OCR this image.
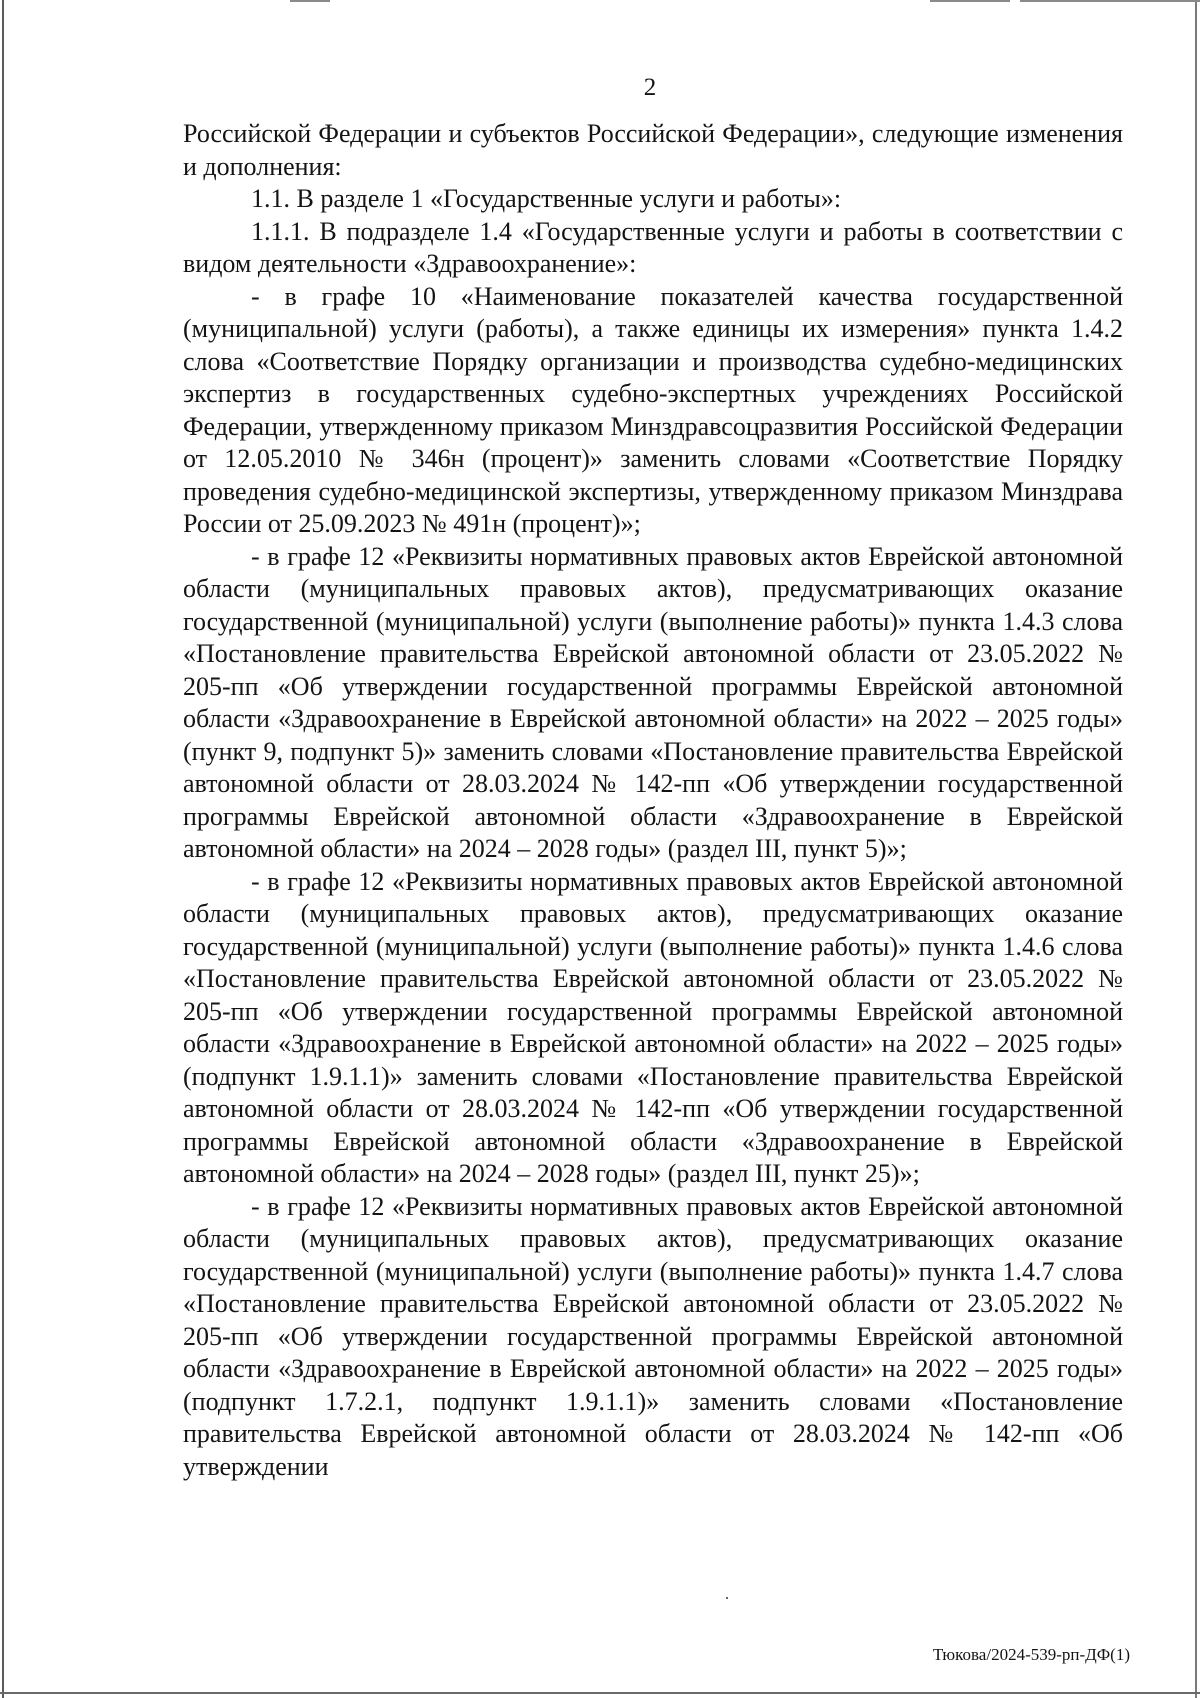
2

Российской Федерации и субъектов Российской Федерации», следующие изменения и дополнения:

1.1. В разделе 1 «Государственные услуги и работы»:

1.1.1. В подразделе 1.4 «Государственные услуги и работы в соответствии с видом деятельности «Здравоохранение»:

- в графе 10 «Наименование показателей качества государственной (муниципальной) услуги (работы), а также единицы их измерения» пункта 1.4.2 слова «Соответствие Порядку организации и производства судебно-медицинских экспертиз в государственных судебно-экспертных учреждениях Российской Федерации, утвержденному приказом Минздравсоцразвития Российской Федерации от 12.05.2010 № 346н (процент)» заменить словами «Соответствие Порядку проведения судебно-медицинской экспертизы, утвержденному приказом Минздрава России от 25.09.2023 № 491н (процент)»;

- в графе 12 «Реквизиты нормативных правовых актов Еврейской автономной области (муниципальных правовых актов), предусматривающих оказание государственной (муниципальной) услуги (выполнение работы)» пункта 1.4.3 слова «Постановление правительства Еврейской автономной области от 23.05.2022 № 205-пп «Об утверждении государственной программы Еврейской автономной области «Здравоохранение в Еврейской автономной области» на 2022 – 2025 годы» (пункт 9, подпункт 5)» заменить словами «Постановление правительства Еврейской автономной области от 28.03.2024 № 142-пп «Об утверждении государственной программы Еврейской автономной области «Здравоохранение в Еврейской автономной области» на 2024 – 2028 годы» (раздел III, пункт 5)»;

- в графе 12 «Реквизиты нормативных правовых актов Еврейской автономной области (муниципальных правовых актов), предусматривающих оказание государственной (муниципальной) услуги (выполнение работы)» пункта 1.4.6 слова «Постановление правительства Еврейской автономной области от 23.05.2022 № 205-пп «Об утверждении государственной программы Еврейской автономной области «Здравоохранение в Еврейской автономной области» на 2022 – 2025 годы» (подпункт 1.9.1.1)» заменить словами «Постановление правительства Еврейской автономной области от 28.03.2024 № 142-пп «Об утверждении государственной программы Еврейской автономной области «Здравоохранение в Еврейской автономной области» на 2024 – 2028 годы» (раздел III, пункт 25)»;

- в графе 12 «Реквизиты нормативных правовых актов Еврейской автономной области (муниципальных правовых актов), предусматривающих оказание государственной (муниципальной) услуги (выполнение работы)» пункта 1.4.7 слова «Постановление правительства Еврейской автономной области от 23.05.2022 № 205-пп «Об утверждении государственной программы Еврейской автономной области «Здравоохранение в Еврейской автономной области» на 2022 – 2025 годы» (подпункт 1.7.2.1, подпункт 1.9.1.1)» заменить словами «Постановление правительства Еврейской автономной области от 28.03.2024 № 142-пп «Об утверждении

Тюкова/2024-539-рп-ДФ(1)
